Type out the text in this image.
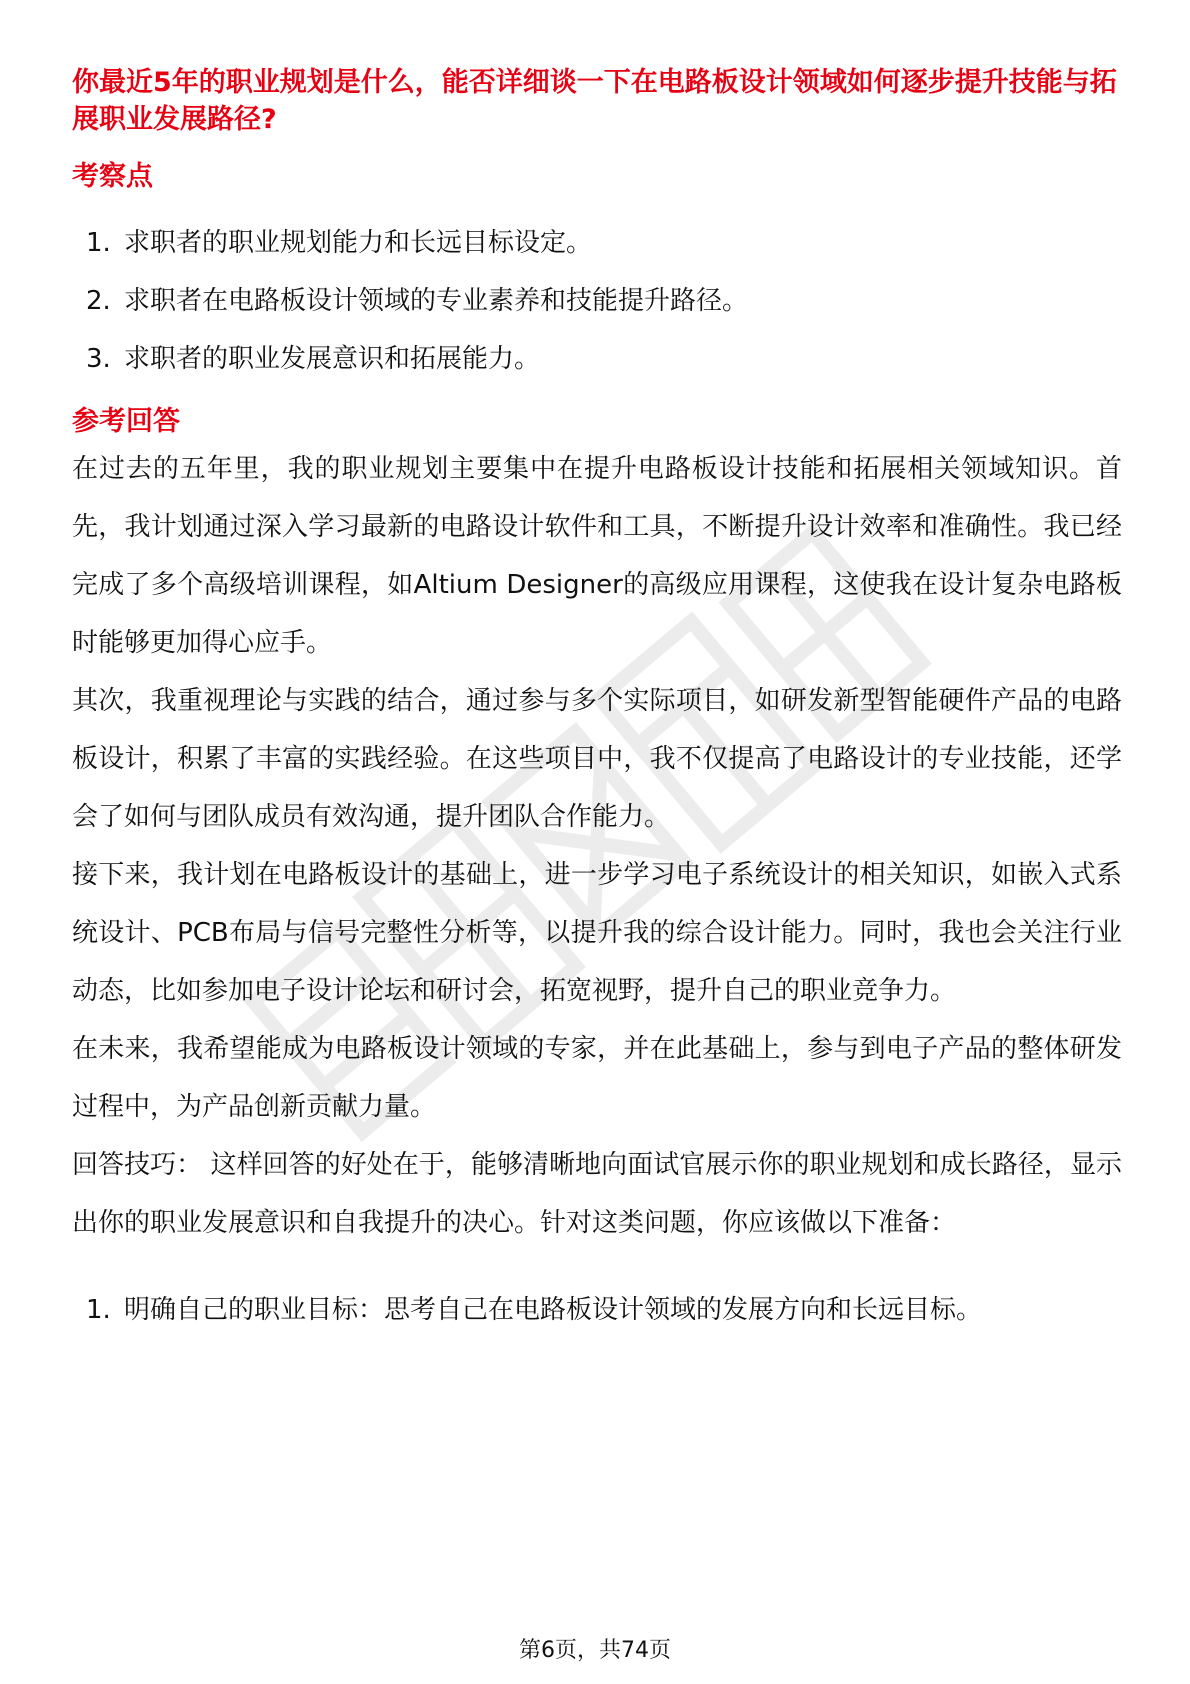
你最近5年的职业规划是什么，能否详细谈一下在电路板设计领域如何逐步提升技能与拓展职业发展路径?
考察点
1. 求职者的职业规划能力和长远目标设定。
2. 求职者在电路板设计领域的专业素养和技能提升路径。
3. 求职者的职业发展意识和拓展能力。
参考回答

在过去的五年里，我的职业规划主要集中在提升电路板设计技能和拓展相关领域知识。首先，我计划通过深入学习最新的电路设计软件和工具，不断提升设计效率和准确性。我已经完成了多个高级培训课程，如Altium Designer的高级应用课程，这使我在设计复杂电路板时能够更加得心应手。

其次，我重视理论与实践的结合，通过参与多个实际项目，如研发新型智能硬件产品的电路板设计，积累了丰富的实践经验。在这些项目中，我不仅提高了电路设计的专业技能，还学会了如何与团队成员有效沟通，提升团队合作能力。

接下来，我计划在电路板设计的基础上，进一步学习电子系统设计的相关知识，如嵌入式系统设计、PCB布局与信号完整性分析等，以提升我的综合设计能力。同时，我也会关注行业动态，比如参加电子设计论坛和研讨会，拓宽视野，提升自己的职业竞争力。

在未来，我希望能成为电路板设计领域的专家，并在此基础上，参与到电子产品的整体研发过程中，为产品创新贡献力量。

回答技巧： 这样回答的好处在于，能够清晰地向面试官展示你的职业规划和成长路径，显示出你的职业发展意识和自我提升的决心。针对这类问题，你应该做以下准备：

1. 明确自己的职业目标：思考自己在电路板设计领域的发展方向和长远目标。
第6页，共74页
